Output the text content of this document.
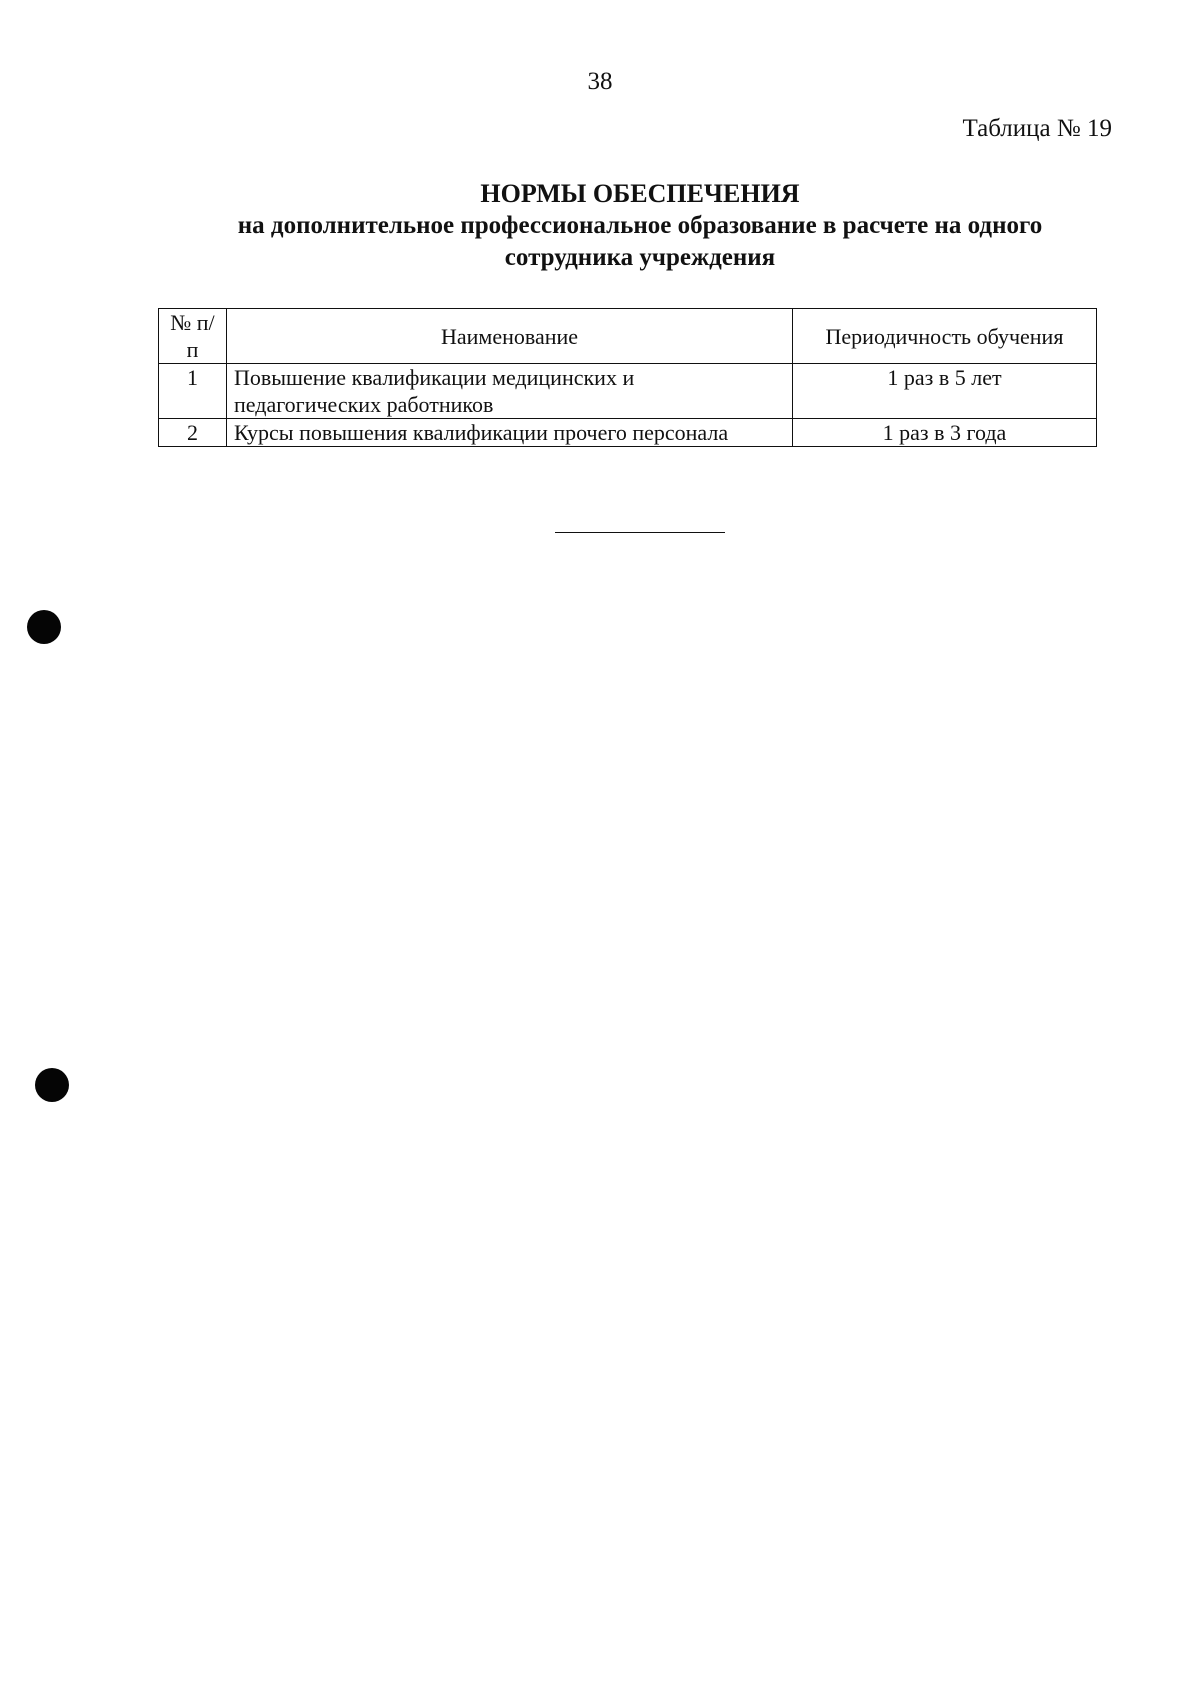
38
Таблица № 19
НОРМЫ ОБЕСПЕЧЕНИЯ
на дополнительное профессиональное образование в расчете на одного
сотрудника учреждения
№ п/п	Наименование	Периодичность обучения
1	Повышение квалификации медицинских и педагогических работников	1 раз в 5 лет
2	Курсы повышения квалификации прочего персонала	1 раз в 3 года
